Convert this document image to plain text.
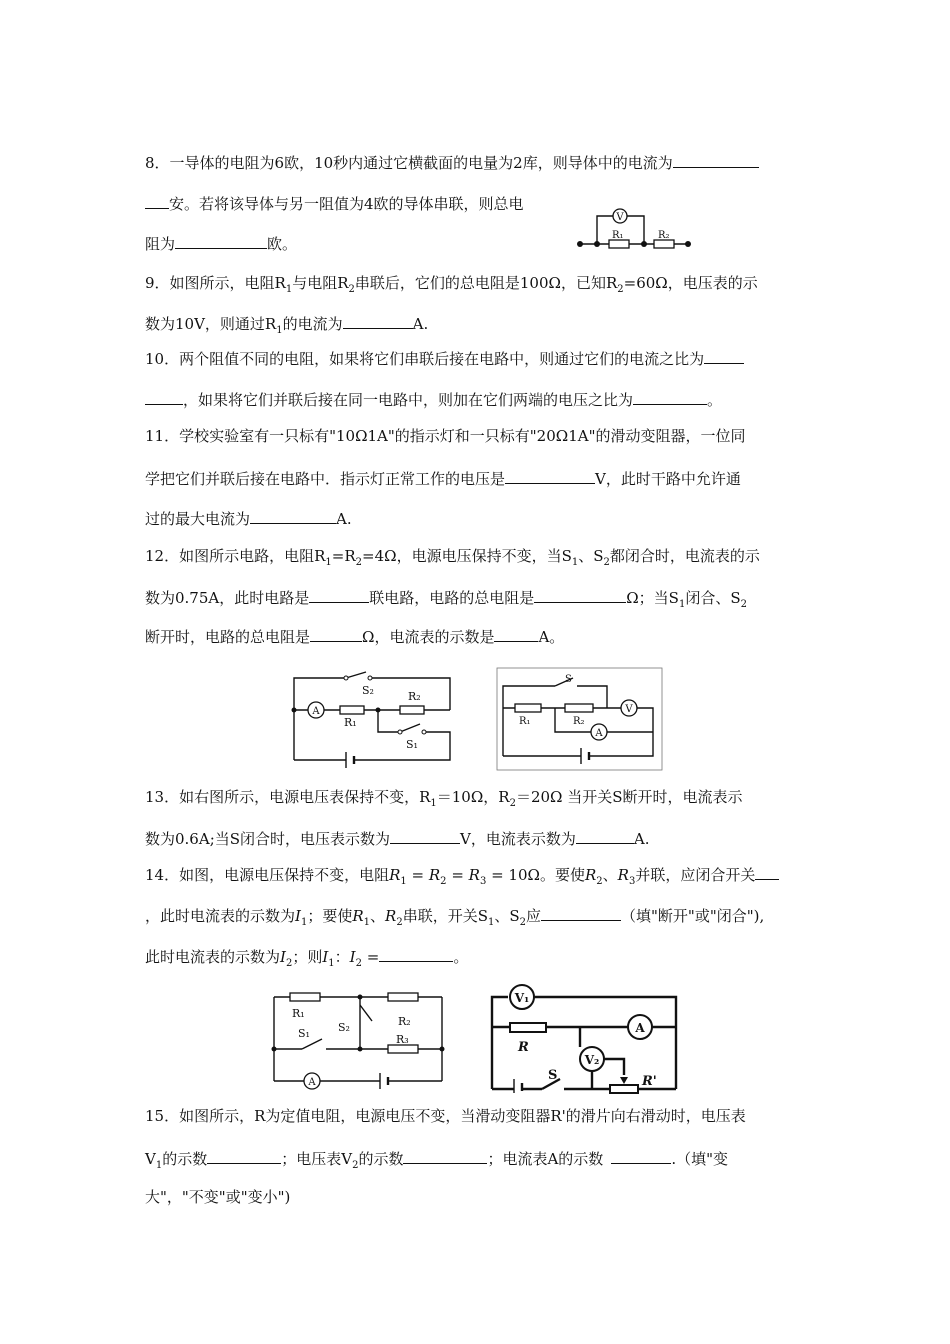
8．一导体的电阻为6欧，10秒内通过它横截面的电量为2库，则导体中的电流为
安。若将该导体与另一阻值为4欧的导体串联，则总电
阻为	欧。
V
R₁	R₂
9．如图所示，电阻$R_1$与电阻$R_2$串联后，它们的总电阻是100Ω，已知$R_2=60\Omega$，电压表的示
数为10V，则通过$R_1$的电流为	A.
10．两个阻值不同的电阻，如果将它们串联后接在电路中，则通过它们的电流之比为
，如果将它们并联后接在同一电路中，则加在它们两端的电压之比为	。
11．学校实验室有一只标有"10Ω1A"的指示灯和一只标有"20Ω1A"的滑动变阻器，一位同
学把它们并联后接在电路中．指示灯正常工作的电压是	V，此时干路中允许通
过的最大电流为	A.
12．如图所示电路，电阻$R_1=R_2=4\Omega$，电源电压保持不变，当$S_1$、$S_2$都闭合时，电流表的示
数为0.75A，此时电路是	联电路，电路的总电阻是	Ω；当$S_1$闭合、$S_2$
断开时，电路的总电阻是	Ω，电流表的示数是	A。
A
S₂	R₂
R₁
S₁
V
A
S
R₁	R₂
13．如右图所示，电源电压表保持不变，$R_1=10\Omega$，$R_2=20\Omega$ 当开关S断开时，电流表示
数为0.6A;当S闭合时，电压表示数为	V，电流表示数为	A.
14．如图，电源电压保持不变，电阻$R_1 = R_2 = R_3 = 10\Omega$。要使$R_2$、$R_3$并联，应闭合开关
，此时电流表的示数为$I_1$；要使$R_1$、$R_2$串联，开关$S_1$、$S_2$应	（填"断开"或"闭合"),
此时电流表的示数为$I_2$；则$I_1$：$I_2$ =	。
A
R₁
R₂
S₂
S₁	R₃
V₁
A
V₂
R
S	R'
15．如图所示，R为定值电阻，电源电压不变，当滑动变阻器R'的滑片向右滑动时，电压表
$V_1$的示数	；电压表$V_2$的示数	；电流表A的示数	.（填"变
大"，"不变"或"变小")
